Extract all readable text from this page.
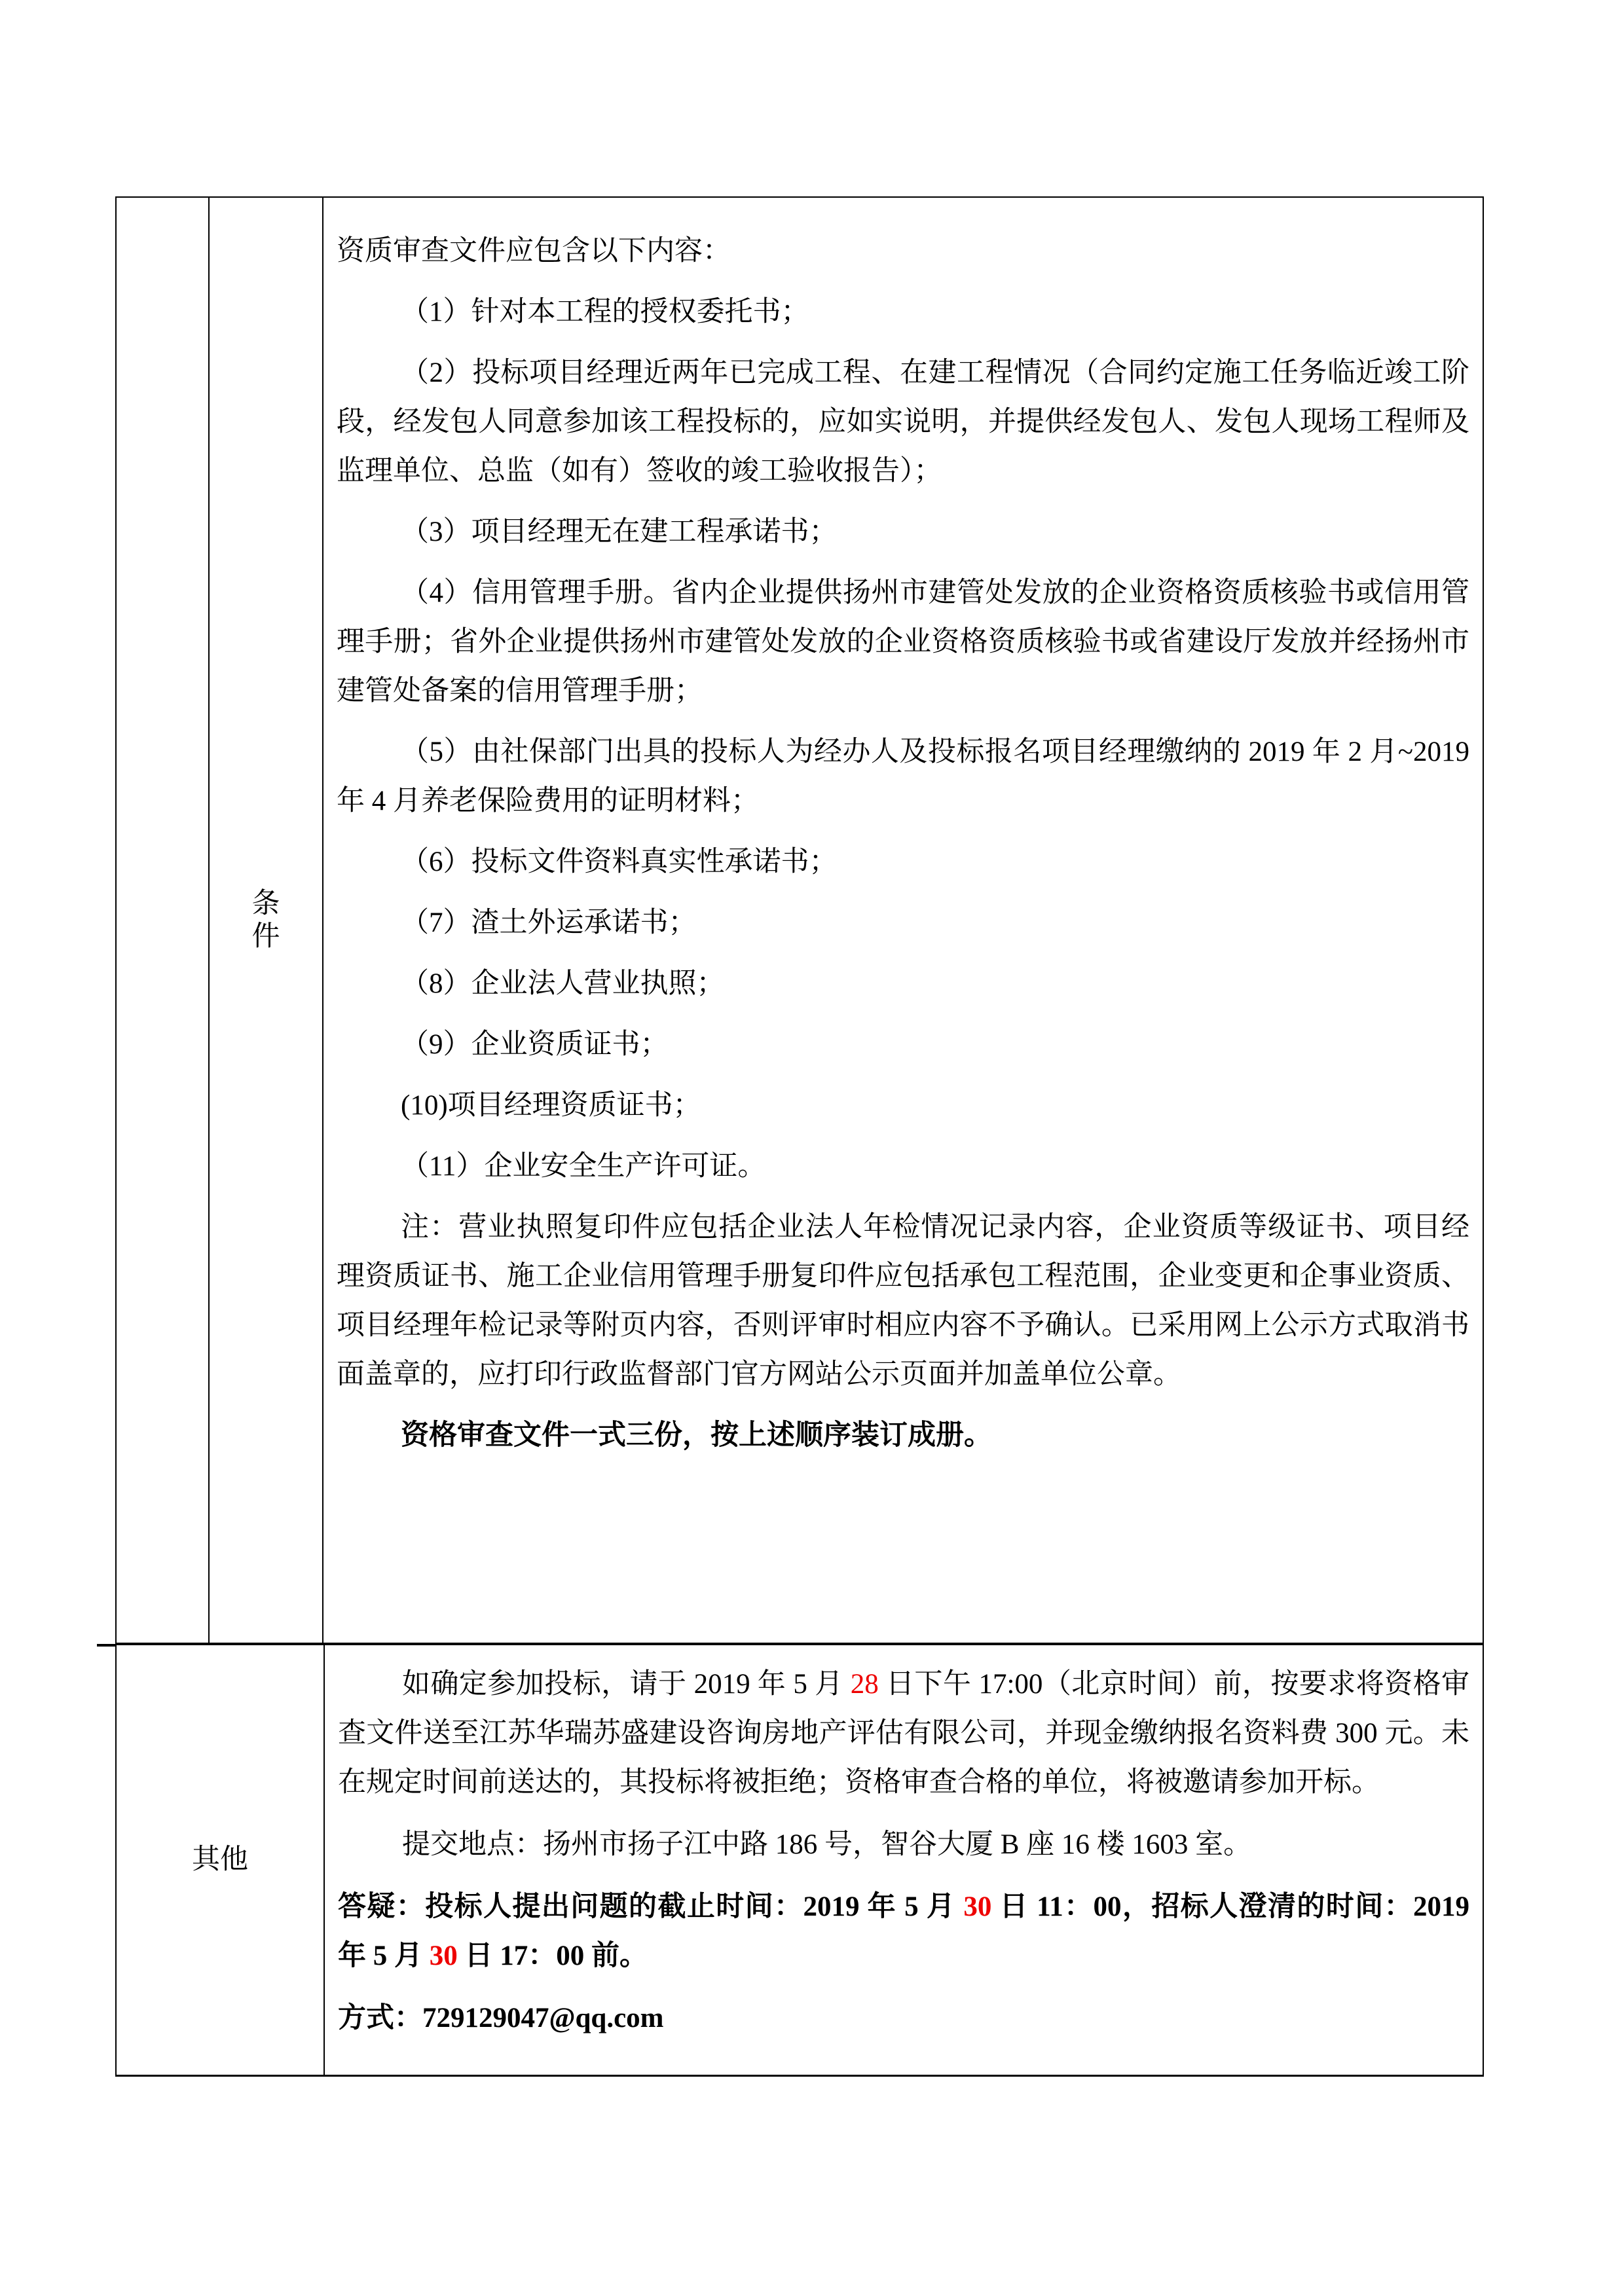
条
件

资质审查文件应包含以下内容：

（1）针对本工程的授权委托书；

（2）投标项目经理近两年已完成工程、在建工程情况（合同约定施工任务临近竣工阶段，经发包人同意参加该工程投标的，应如实说明，并提供经发包人、发包人现场工程师及监理单位、总监（如有）签收的竣工验收报告）；

（3）项目经理无在建工程承诺书；

（4）信用管理手册。省内企业提供扬州市建管处发放的企业资格资质核验书或信用管理手册；省外企业提供扬州市建管处发放的企业资格资质核验书或省建设厅发放并经扬州市建管处备案的信用管理手册；

（5）由社保部门出具的投标人为经办人及投标报名项目经理缴纳的 2019 年 2 月~2019 年 4 月养老保险费用的证明材料；

（6）投标文件资料真实性承诺书；

（7）渣土外运承诺书；

（8）企业法人营业执照；

（9）企业资质证书；

(10)项目经理资质证书；

（11）企业安全生产许可证。

注：营业执照复印件应包括企业法人年检情况记录内容，企业资质等级证书、项目经理资质证书、施工企业信用管理手册复印件应包括承包工程范围，企业变更和企事业资质、项目经理年检记录等附页内容，否则评审时相应内容不予确认。已采用网上公示方式取消书面盖章的，应打印行政监督部门官方网站公示页面并加盖单位公章。

资格审查文件一式三份，按上述顺序装订成册。

其他

如确定参加投标，请于 2019 年 5 月 28 日下午 17:00（北京时间）前，按要求将资格审查文件送至江苏华瑞苏盛建设咨询房地产评估有限公司，并现金缴纳报名资料费 300 元。未在规定时间前送达的，其投标将被拒绝；资格审查合格的单位，将被邀请参加开标。

提交地点：扬州市扬子江中路 186 号，智谷大厦 B 座 16 楼 1603 室。

答疑：投标人提出问题的截止时间：2019 年 5 月 30 日 11：00，招标人澄清的时间：2019 年 5 月 30 日 17：00 前。

方式：729129047@qq.com
